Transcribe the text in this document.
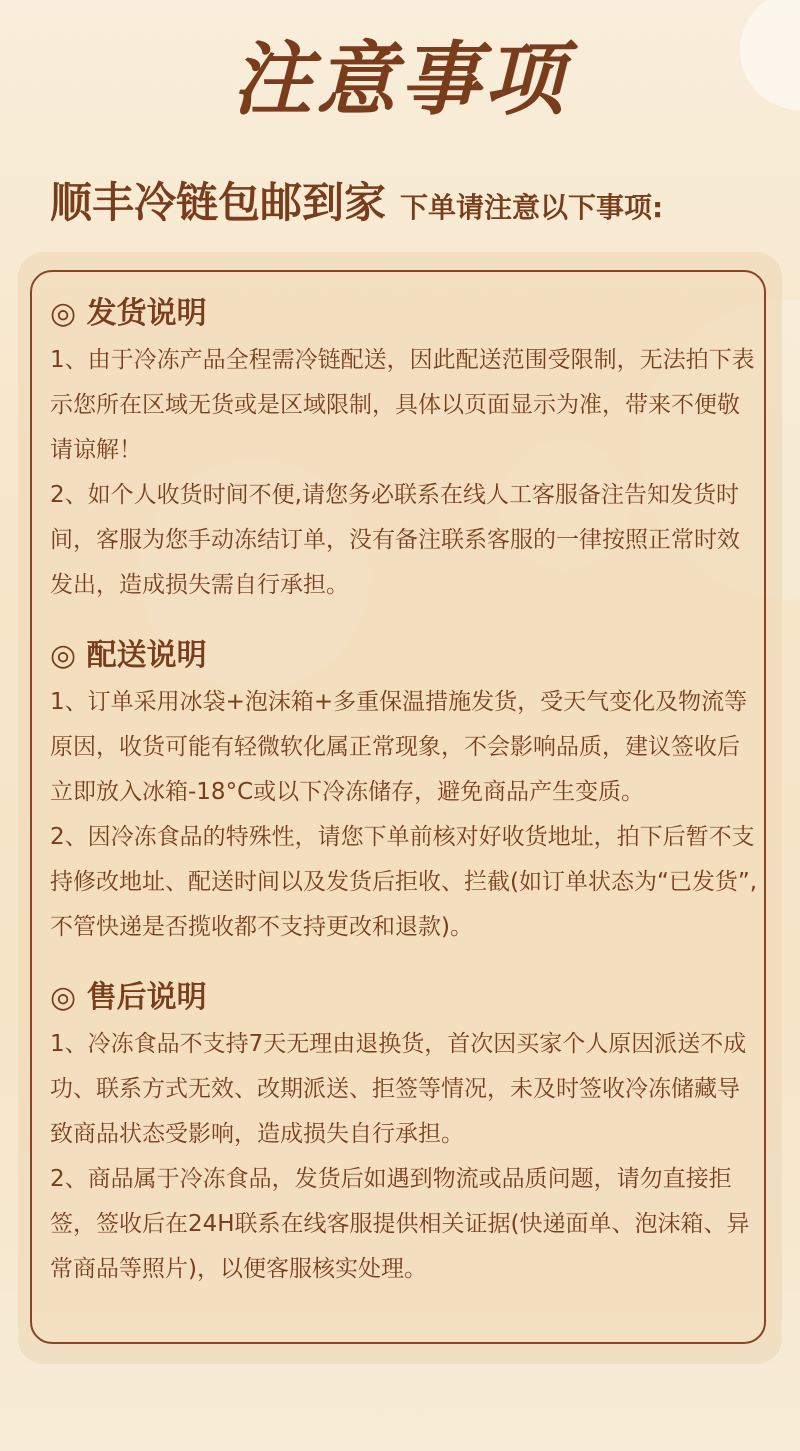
注意事项
顺丰冷链包邮到家 下单请注意以下事项:
◎ 发货说明

1、由于冷冻产品全程需冷链配送，因此配送范围受限制，无法拍下表示您所在区域无货或是区域限制，具体以页面显示为准，带来不便敬请谅解！

2、如个人收货时间不便,请您务必联系在线人工客服备注告知发货时间，客服为您手动冻结订单，没有备注联系客服的一律按照正常时效发出，造成损失需自行承担。

◎ 配送说明

1、订单采用冰袋+泡沫箱+多重保温措施发货，受天气变化及物流等原因，收货可能有轻微软化属正常现象，不会影响品质，建议签收后立即放入冰箱-18°C或以下冷冻储存，避免商品产生变质。

2、因冷冻食品的特殊性，请您下单前核对好收货地址，拍下后暂不支持修改地址、配送时间以及发货后拒收、拦截(如订单状态为“已发货”,不管快递是否揽收都不支持更改和退款)。

◎ 售后说明

1、冷冻食品不支持7天无理由退换货，首次因买家个人原因派送不成功、联系方式无效、改期派送、拒签等情况，未及时签收冷冻储藏导致商品状态受影响，造成损失自行承担。

2、商品属于冷冻食品，发货后如遇到物流或品质问题，请勿直接拒签，签收后在24H联系在线客服提供相关证据(快递面单、泡沫箱、异常商品等照片)，以便客服核实处理。
